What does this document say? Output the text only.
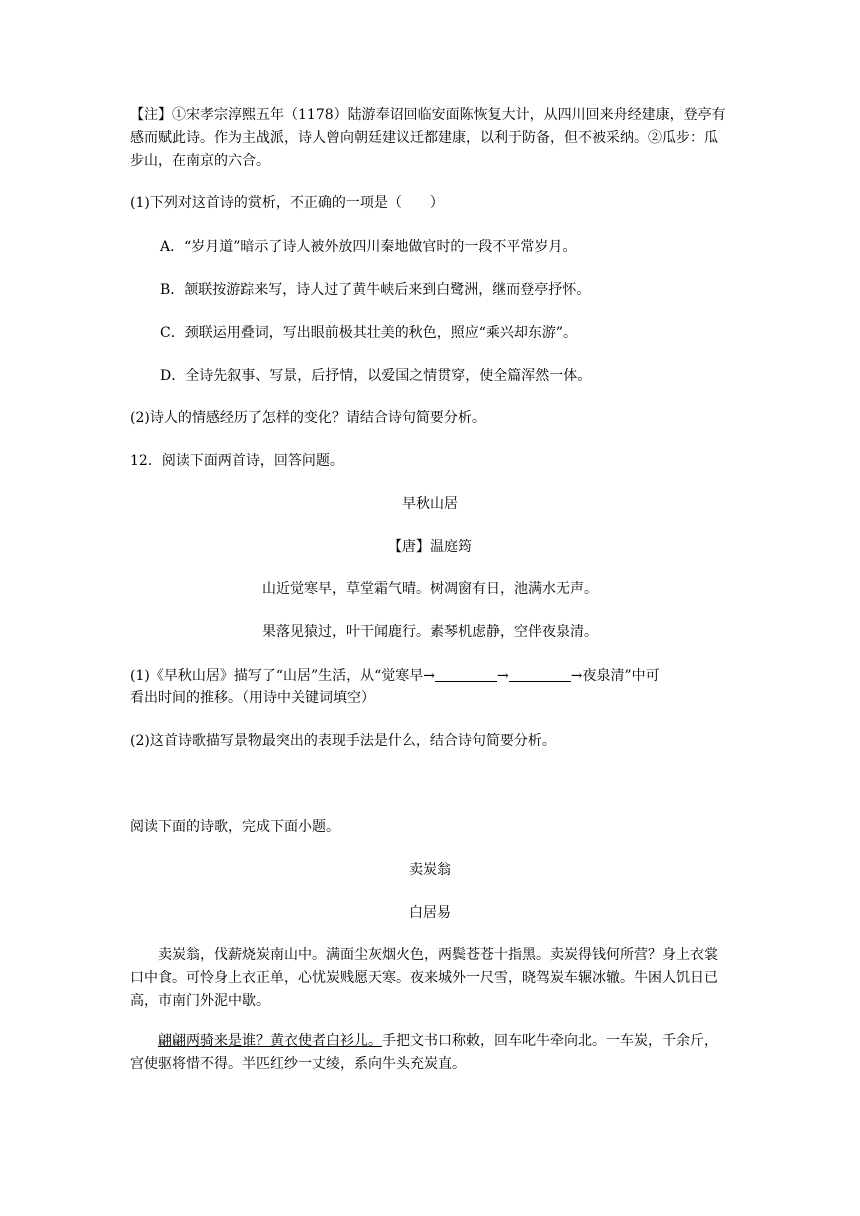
【注】①宋孝宗淳熙五年（1178）陆游奉诏回临安面陈恢复大计，从四川回来舟经建康，登亭有感而赋此诗。作为主战派，诗人曾向朝廷建议迁都建康，以利于防备，但不被采纳。②瓜步：瓜步山，在南京的六合。

(1)下列对这首诗的赏析，不正确的一项是（　　）

A．“岁月道”暗示了诗人被外放四川秦地做官时的一段不平常岁月。

B．颔联按游踪来写，诗人过了黄牛峡后来到白鹭洲，继而登亭抒怀。

C．颈联运用叠词，写出眼前极其壮美的秋色，照应“乘兴却东游”。

D．全诗先叙事、写景，后抒情，以爱国之情贯穿，使全篇浑然一体。

(2)诗人的情感经历了怎样的变化？请结合诗句简要分析。

12．阅读下面两首诗，回答问题。

早秋山居

【唐】温庭筠

山近觉寒早，草堂霜气晴。树凋窗有日，池满水无声。

果落见猿过，叶干闻鹿行。素琴机虑静，空伴夜泉清。

(1)《早秋山居》描写了“山居”生活，从“觉寒早→	→	→夜泉清”中可

看出时间的推移。（用诗中关键词填空）

(2)这首诗歌描写景物最突出的表现手法是什么，结合诗句简要分析。

阅读下面的诗歌，完成下面小题。

卖炭翁

白居易

卖炭翁，伐薪烧炭南山中。满面尘灰烟火色，两鬓苍苍十指黑。卖炭得钱何所营？身上衣裳口中食。可怜身上衣正单，心忧炭贱愿天寒。夜来城外一尺雪，晓驾炭车辗冰辙。牛困人饥日已高，市南门外泥中歇。

翩翩两骑来是谁？黄衣使者白衫儿。手把文书口称敕，回车叱牛牵向北。一车炭，千余斤，宫使驱将惜不得。半匹红纱一丈绫，系向牛头充炭直。
